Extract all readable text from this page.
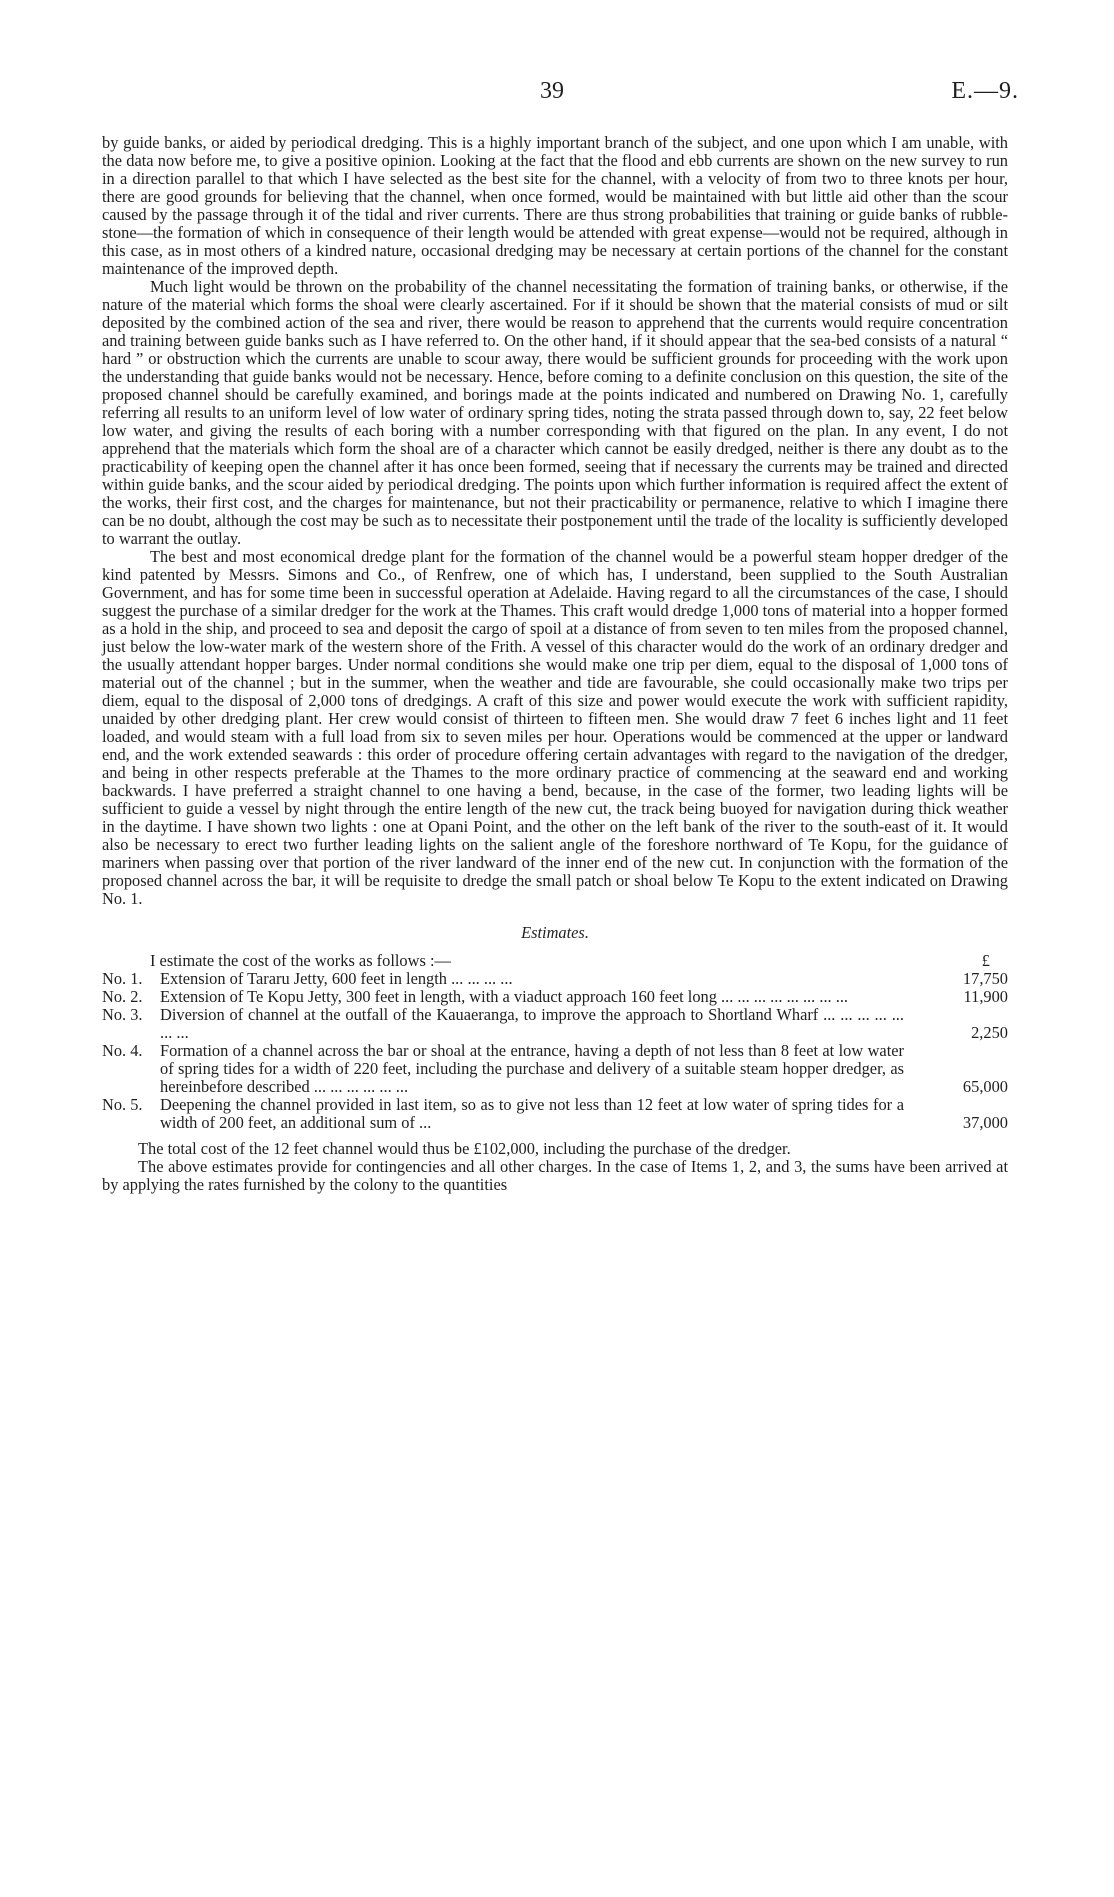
39	E.—9.

by guide banks, or aided by periodical dredging. This is a highly important branch of the subject, and one upon which I am unable, with the data now before me, to give a positive opinion. Looking at the fact that the flood and ebb currents are shown on the new survey to run in a direction parallel to that which I have selected as the best site for the channel, with a velocity of from two to three knots per hour, there are good grounds for believing that the channel, when once formed, would be maintained with but little aid other than the scour caused by the passage through it of the tidal and river currents. There are thus strong probabilities that training or guide banks of rubble-stone—the formation of which in consequence of their length would be attended with great expense—would not be required, although in this case, as in most others of a kindred nature, occasional dredging may be necessary at certain portions of the channel for the constant maintenance of the improved depth.

Much light would be thrown on the probability of the channel necessitating the formation of training banks, or otherwise, if the nature of the material which forms the shoal were clearly ascertained. For if it should be shown that the material consists of mud or silt deposited by the combined action of the sea and river, there would be reason to apprehend that the currents would require concentration and training between guide banks such as I have referred to. On the other hand, if it should appear that the sea-bed consists of a natural “ hard ” or obstruction which the currents are unable to scour away, there would be sufficient grounds for proceeding with the work upon the understanding that guide banks would not be necessary. Hence, before coming to a definite conclusion on this question, the site of the proposed channel should be carefully examined, and borings made at the points indicated and numbered on Drawing No. 1, carefully referring all results to an uniform level of low water of ordinary spring tides, noting the strata passed through down to, say, 22 feet below low water, and giving the results of each boring with a number corresponding with that figured on the plan. In any event, I do not apprehend that the materials which form the shoal are of a character which cannot be easily dredged, neither is there any doubt as to the practicability of keeping open the channel after it has once been formed, seeing that if necessary the currents may be trained and directed within guide banks, and the scour aided by periodical dredging. The points upon which further information is required affect the extent of the works, their first cost, and the charges for maintenance, but not their practicability or permanence, relative to which I imagine there can be no doubt, although the cost may be such as to necessitate their postponement until the trade of the locality is sufficiently developed to warrant the outlay.

The best and most economical dredge plant for the formation of the channel would be a powerful steam hopper dredger of the kind patented by Messrs. Simons and Co., of Renfrew, one of which has, I understand, been supplied to the South Australian Government, and has for some time been in successful operation at Adelaide. Having regard to all the circumstances of the case, I should suggest the purchase of a similar dredger for the work at the Thames. This craft would dredge 1,000 tons of material into a hopper formed as a hold in the ship, and proceed to sea and deposit the cargo of spoil at a distance of from seven to ten miles from the proposed channel, just below the low-water mark of the western shore of the Frith. A vessel of this character would do the work of an ordinary dredger and the usually attendant hopper barges. Under normal conditions she would make one trip per diem, equal to the disposal of 1,000 tons of material out of the channel ; but in the summer, when the weather and tide are favourable, she could occasionally make two trips per diem, equal to the disposal of 2,000 tons of dredgings. A craft of this size and power would execute the work with sufficient rapidity, unaided by other dredging plant. Her crew would consist of thirteen to fifteen men. She would draw 7 feet 6 inches light and 11 feet loaded, and would steam with a full load from six to seven miles per hour. Operations would be commenced at the upper or landward end, and the work extended seawards : this order of procedure offering certain advantages with regard to the navigation of the dredger, and being in other respects preferable at the Thames to the more ordinary practice of commencing at the seaward end and working backwards. I have preferred a straight channel to one having a bend, because, in the case of the former, two leading lights will be sufficient to guide a vessel by night through the entire length of the new cut, the track being buoyed for navigation during thick weather in the daytime. I have shown two lights : one at Opani Point, and the other on the left bank of the river to the south-east of it. It would also be necessary to erect two further leading lights on the salient angle of the foreshore northward of Te Kopu, for the guidance of mariners when passing over that portion of the river landward of the inner end of the new cut. In conjunction with the formation of the proposed channel across the bar, it will be requisite to dredge the small patch or shoal below Te Kopu to the extent indicated on Drawing No. 1.

Estimates.

I estimate the cost of the works as follows :—	£
No. 1.	Extension of Tararu Jetty, 600 feet in length ... ... ... ...	17,750
No. 2.	Extension of Te Kopu Jetty, 300 feet in length, with a viaduct approach 160 feet long ... ... ... ... ... ... ... ...	11,900
No. 3.	Diversion of channel at the outfall of the Kauaeranga, to improve the approach to Shortland Wharf ... ... ... ... ... ... ...	2,250
No. 4.	Formation of a channel across the bar or shoal at the entrance, having a depth of not less than 8 feet at low water of spring tides for a width of 220 feet, including the purchase and delivery of a suitable steam hopper dredger, as hereinbefore described ... ... ... ... ... ...	65,000
No. 5.	Deepening the channel provided in last item, so as to give not less than 12 feet at low water of spring tides for a width of 200 feet, an additional sum of ...	37,000

The total cost of the 12 feet channel would thus be £102,000, including the purchase of the dredger.

The above estimates provide for contingencies and all other charges. In the case of Items 1, 2, and 3, the sums have been arrived at by applying the rates furnished by the colony to the quantities
